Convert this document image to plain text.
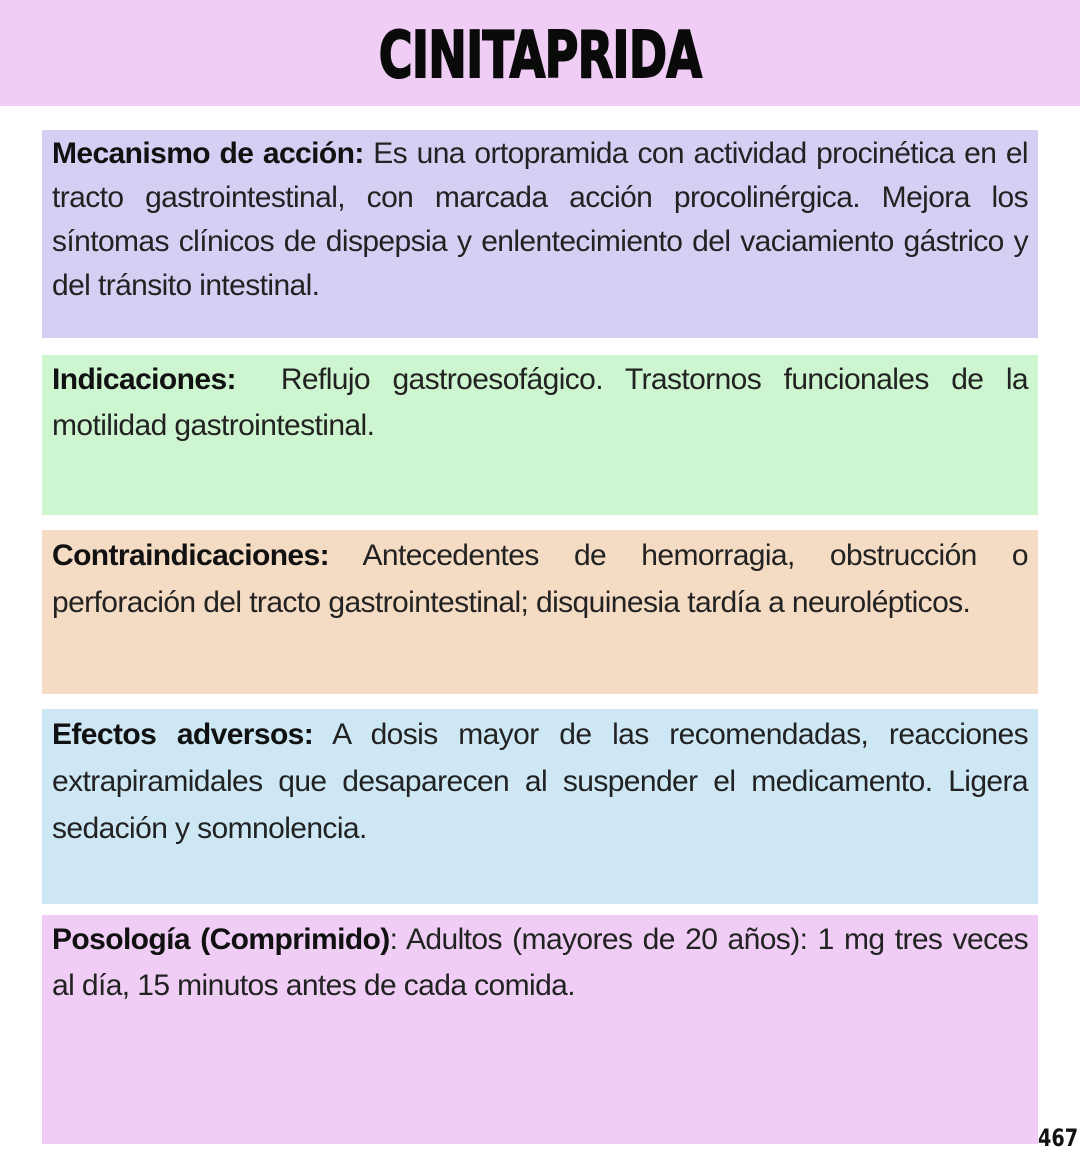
CINITAPRIDA

Mecanismo de acción: Es una ortopramida con actividad procinética en el tracto gastrointestinal, con marcada acción procolinérgica. Mejora los síntomas clínicos de dispepsia y enlentecimiento del vaciamiento gástrico y del tránsito intestinal.

Indicaciones:  Reflujo gastroesofágico. Trastornos funcionales de la motilidad gastrointestinal.

Contraindicaciones: Antecedentes de hemorragia, obstrucción o perforación del tracto gastrointestinal; disquinesia tardía a neurolépticos.

Efectos adversos: A dosis mayor de las recomendadas, reacciones extrapiramidales que desaparecen al suspender el medicamento. Ligera sedación y somnolencia.

Posología (Comprimido): Adultos (mayores de 20 años): 1 mg tres veces al día, 15 minutos antes de cada comida.

467
